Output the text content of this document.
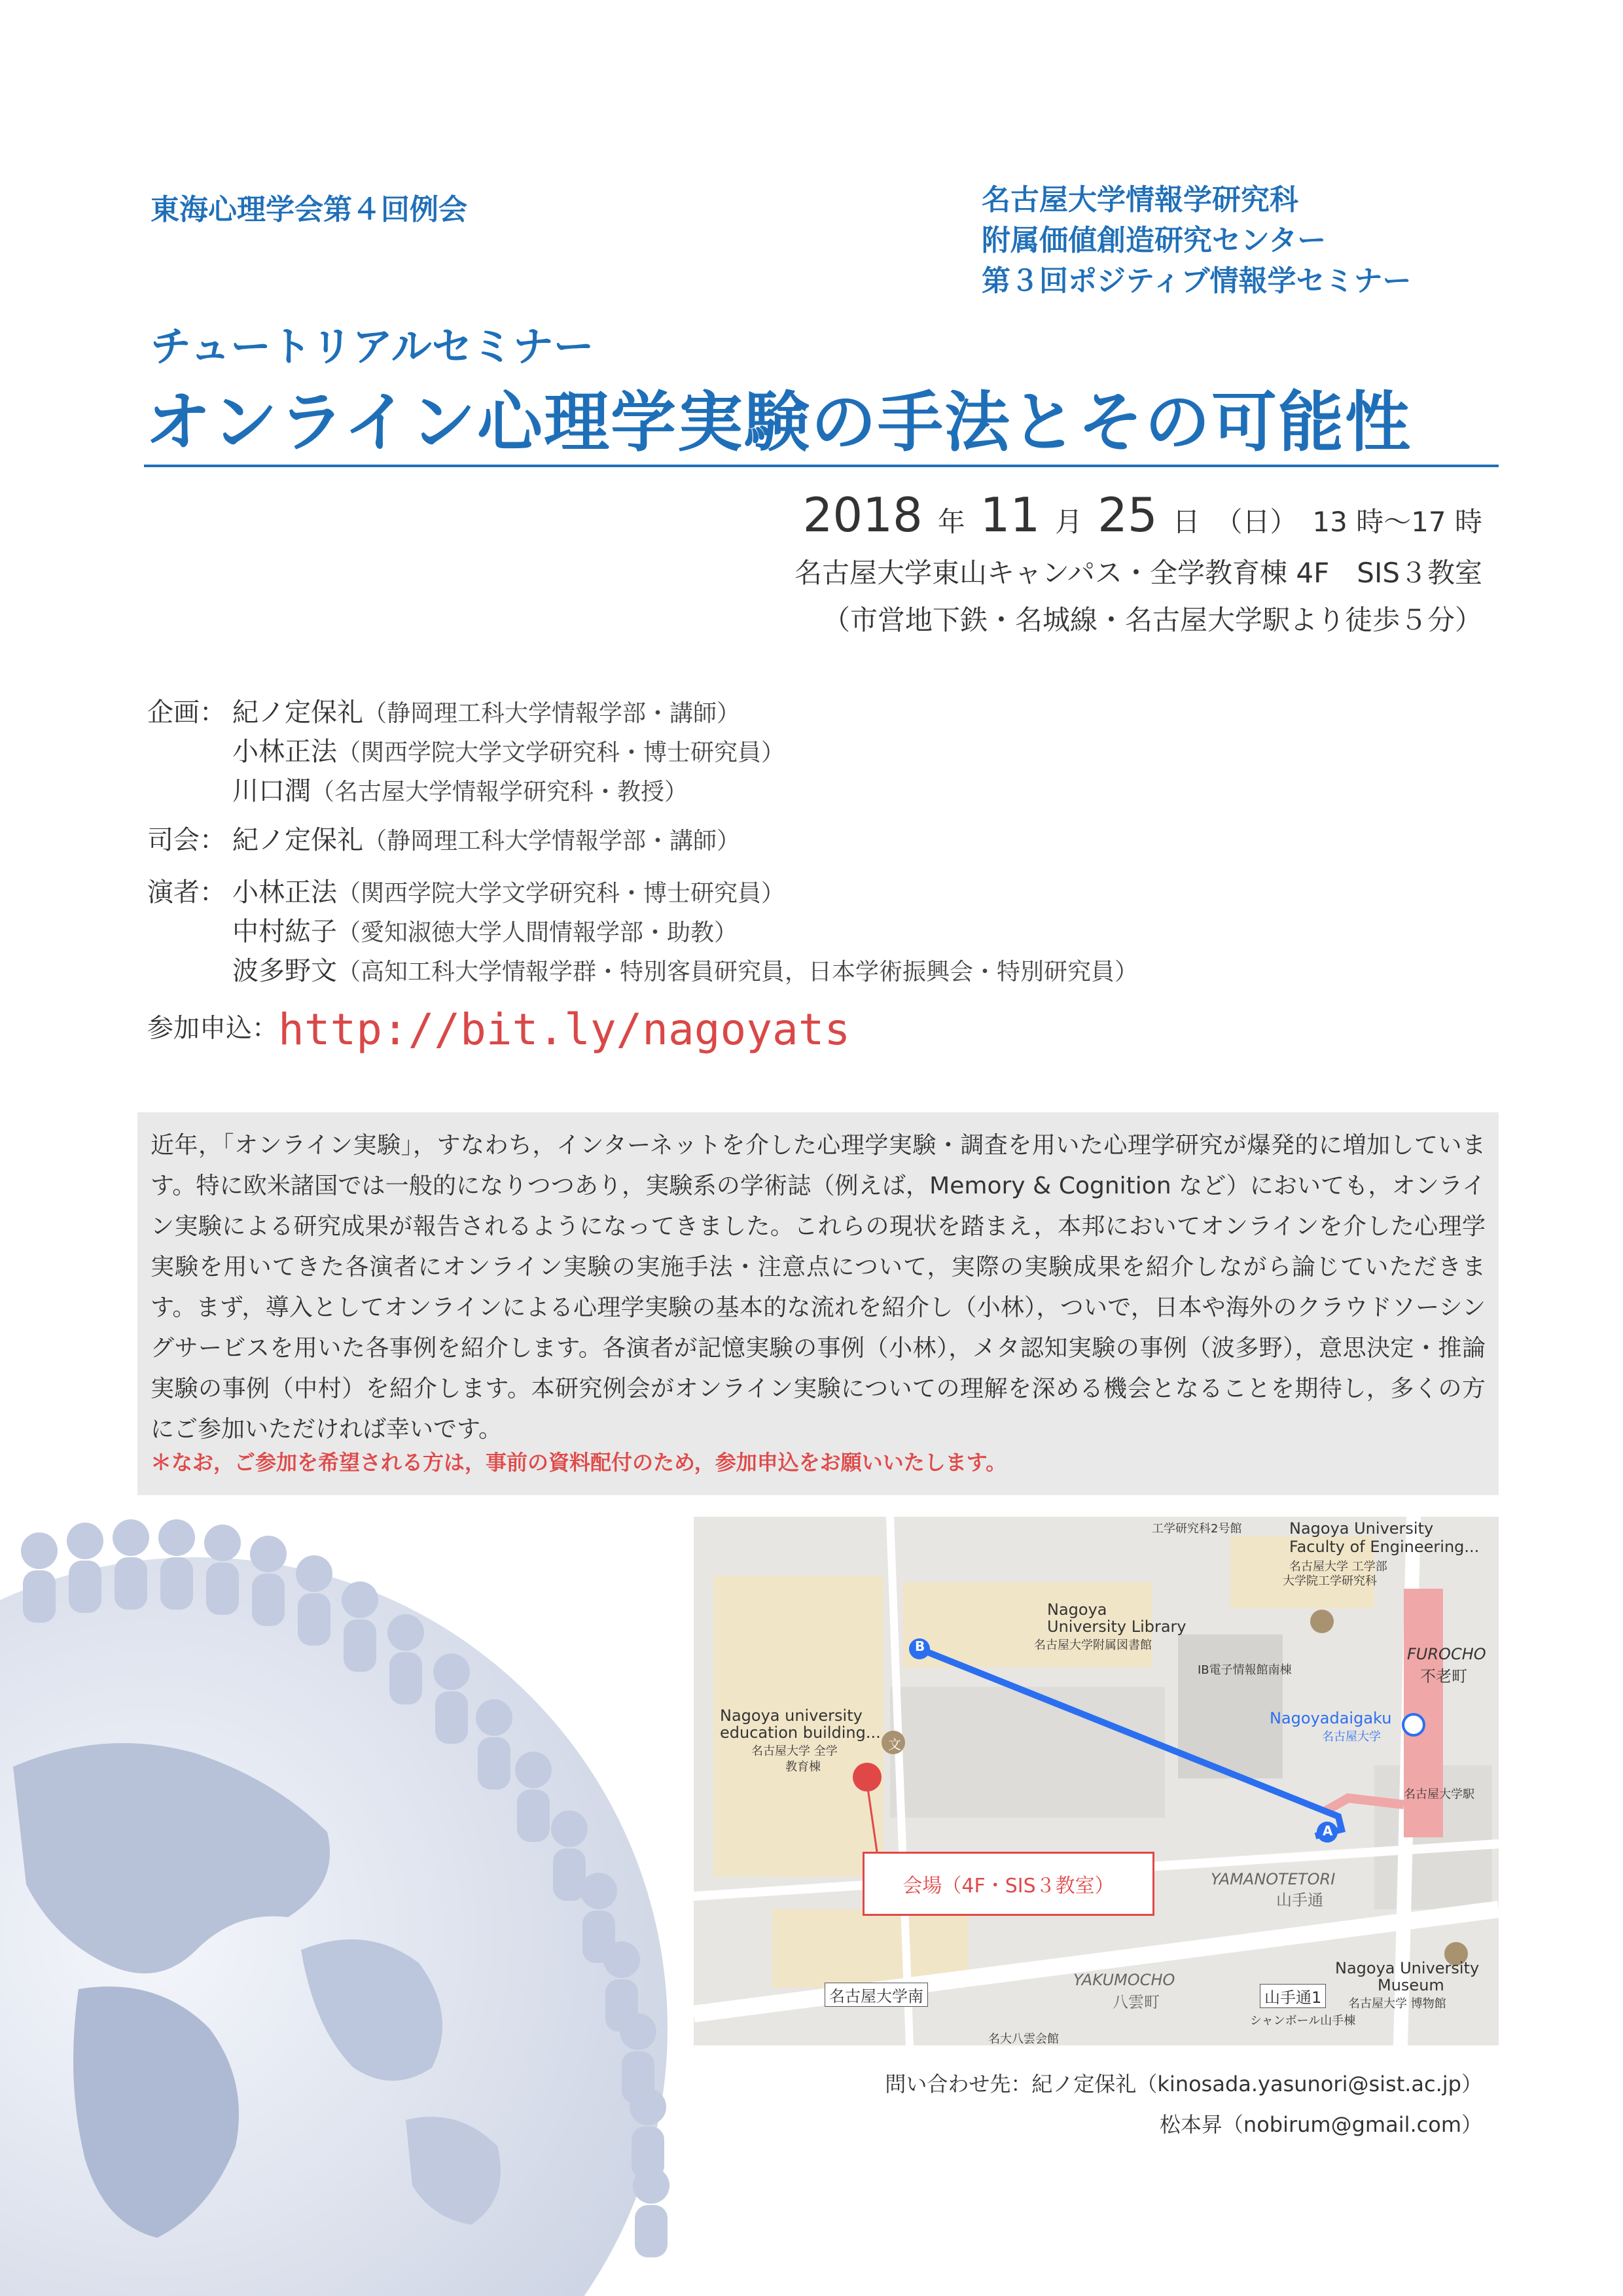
東海心理学会第４回例会	名古屋大学情報学研究科
附属価値創造研究センター
第３回ポジティブ情報学セミナー
チュートリアルセミナー
オンライン心理学実験の手法とその可能性
2018 年 11 月 25 日 （日） 13 時〜17 時
名古屋大学東山キャンパス・全学教育棟 4F　SIS３教室
（市営地下鉄・名城線・名古屋大学駅より徒歩５分）
企画： 紀ノ定保礼（静岡理工科大学情報学部・講師）
小林正法（関西学院大学文学研究科・博士研究員）
川口潤（名古屋大学情報学研究科・教授）
司会： 紀ノ定保礼（静岡理工科大学情報学部・講師）
演者： 小林正法（関西学院大学文学研究科・博士研究員）
中村紘子（愛知淑徳大学人間情報学部・助教）
波多野文（高知工科大学情報学群・特別客員研究員，日本学術振興会・特別研究員）
参加申込：http://bit.ly/nagoyats
近年，「オンライン実験」，すなわち，インターネットを介した心理学実験・調査を用いた心理学研究が爆発的に増加しています。特に欧米諸国では一般的になりつつあり，実験系の学術誌（例えば，Memory & Cognition など）においても，オンライン実験による研究成果が報告されるようになってきました。これらの現状を踏まえ，本邦においてオンラインを介した心理学実験を用いてきた各演者にオンライン実験の実施手法・注意点について，実際の実験成果を紹介しながら論じていただきます。まず，導入としてオンラインによる心理学実験の基本的な流れを紹介し（小林），ついで，日本や海外のクラウドソーシングサービスを用いた各事例を紹介します。各演者が記憶実験の事例（小林），メタ認知実験の事例（波多野），意思決定・推論実験の事例（中村）を紹介します。本研究例会がオンライン実験についての理解を深める機会となることを期待し，多くの方にご参加いただければ幸いです。
＊なお，ご参加を希望される方は，事前の資料配付のため，参加申込をお願いいたします。
B
A
文
工学研究科2号館	Nagoya University
Faculty of Engineering...
名古屋大学 工学部
大学院工学研究科
FUROCHO
不老町
Nagoya
University Library
名古屋大学附属図書館
IB電子情報館南棟
Nagoyadaigaku
名古屋大学
Nagoya university
education building...
名古屋大学 全学
教育棟
名古屋大学駅
YAMANOTETORI
山手通
Nagoya University
Museum
名古屋大学 博物館
YAKUMOCHO
八雲町
名古屋大学南	山手通1
シャンボール山手棟
名大八雲会館
会場（4F・SIS３教室）
問い合わせ先：紀ノ定保礼（kinosada.yasunori@sist.ac.jp）
松本昇（nobirum@gmail.com）
